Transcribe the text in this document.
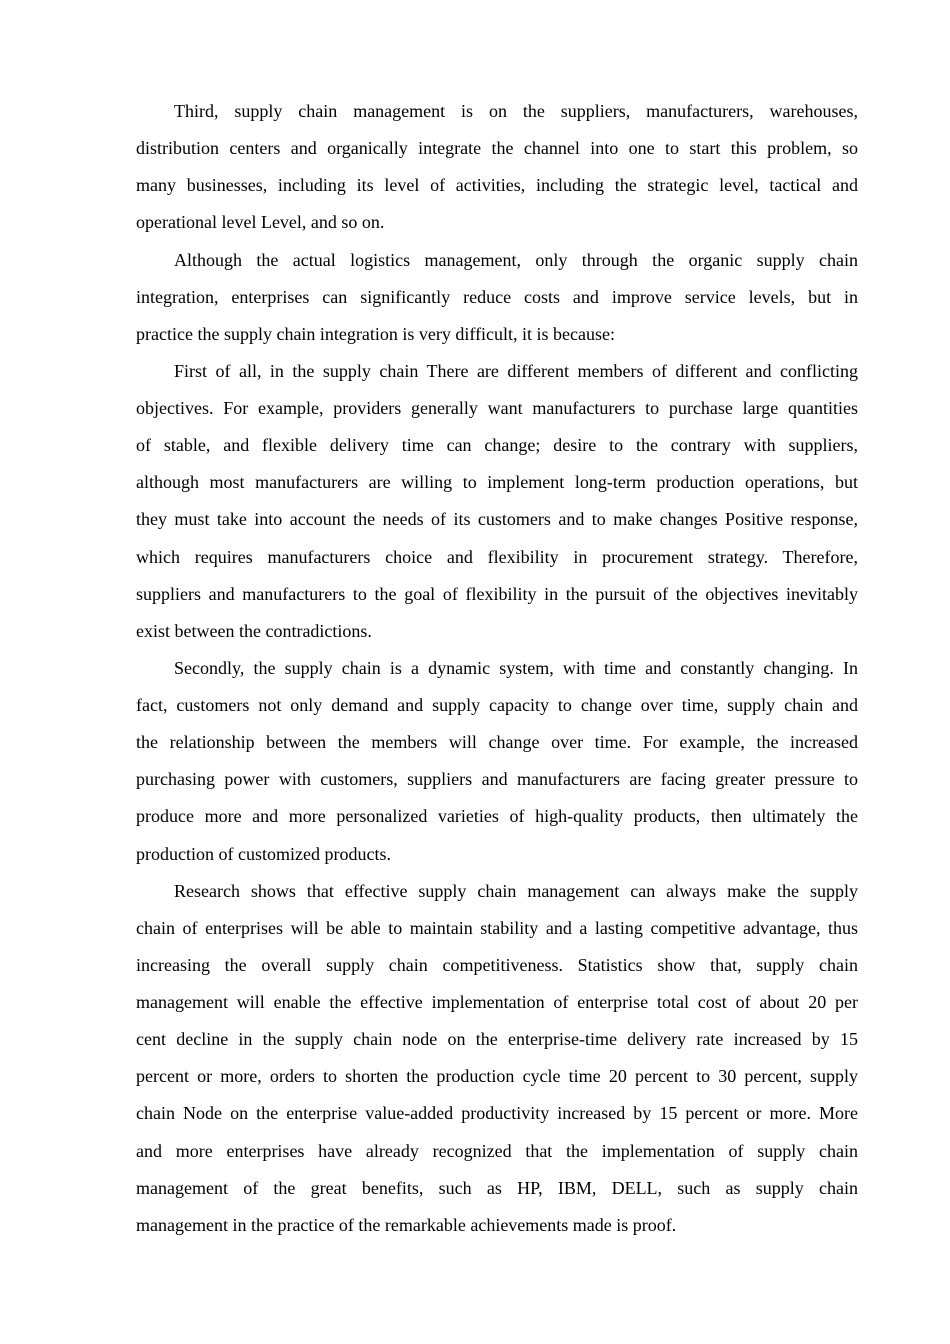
Third, supply chain management is on the suppliers, manufacturers, warehouses,
distribution centers and organically integrate the channel into one to start this problem, so
many businesses, including its level of activities, including the strategic level, tactical and
operational level Level, and so on.
Although the actual logistics management, only through the organic supply chain
integration, enterprises can significantly reduce costs and improve service levels, but in
practice the supply chain integration is very difficult, it is because:
First of all, in the supply chain There are different members of different and conflicting
objectives. For example, providers generally want manufacturers to purchase large quantities
of stable, and flexible delivery time can change; desire to the contrary with suppliers,
although most manufacturers are willing to implement long-term production operations, but
they must take into account the needs of its customers and to make changes Positive response,
which requires manufacturers choice and flexibility in procurement strategy. Therefore,
suppliers and manufacturers to the goal of flexibility in the pursuit of the objectives inevitably
exist between the contradictions.
Secondly, the supply chain is a dynamic system, with time and constantly changing. In
fact, customers not only demand and supply capacity to change over time, supply chain and
the relationship between the members will change over time. For example, the increased
purchasing power with customers, suppliers and manufacturers are facing greater pressure to
produce more and more personalized varieties of high-quality products, then ultimately the
production of customized products.
Research shows that effective supply chain management can always make the supply
chain of enterprises will be able to maintain stability and a lasting competitive advantage, thus
increasing the overall supply chain competitiveness. Statistics show that, supply chain
management will enable the effective implementation of enterprise total cost of about 20 per
cent decline in the supply chain node on the enterprise-time delivery rate increased by 15
percent or more, orders to shorten the production cycle time 20 percent to 30 percent, supply
chain Node on the enterprise value-added productivity increased by 15 percent or more. More
and more enterprises have already recognized that the implementation of supply chain
management of the great benefits, such as HP, IBM, DELL, such as supply chain
management in the practice of the remarkable achievements made is proof.
